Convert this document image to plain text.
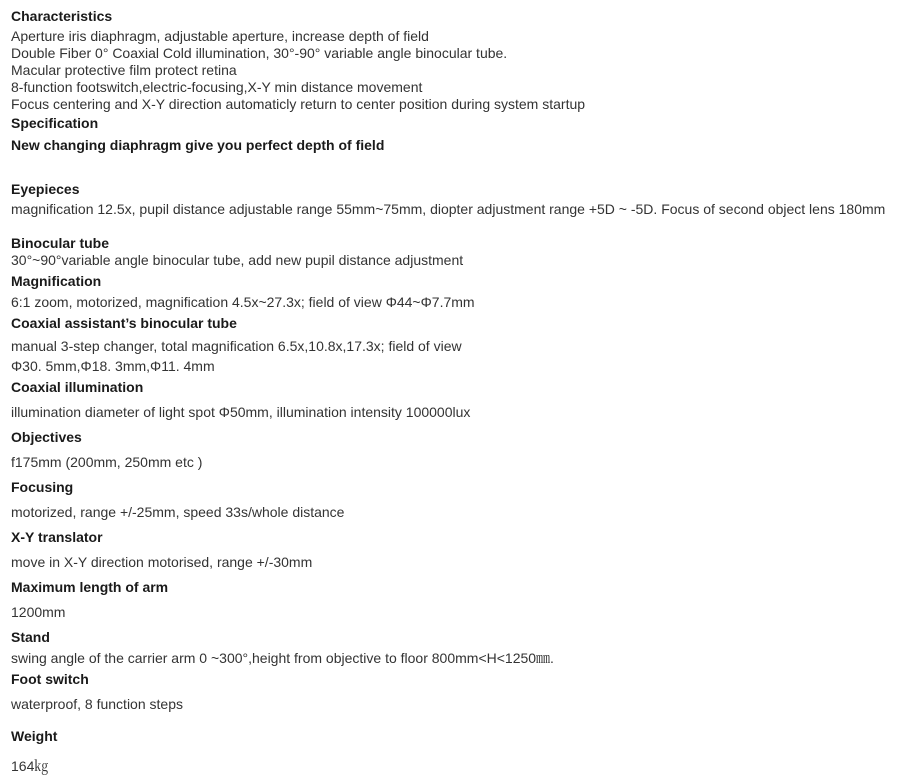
Characteristics
Aperture iris diaphragm, adjustable aperture, increase depth of field
Double Fiber 0° Coaxial Cold illumination, 30°-90° variable angle binocular tube.
Macular protective film protect retina
8-function footswitch,electric-focusing,X-Y min distance movement
Focus centering and X-Y direction automaticly return to center position during system startup
Specification
New changing diaphragm give you perfect depth of field
Eyepieces
magnification 12.5x, pupil distance adjustable range 55mm~75mm, diopter adjustment range +5D ~ -5D. Focus of second object lens 180mm
Binocular tube
30°~90°variable angle binocular tube, add new pupil distance adjustment
Magnification
6:1 zoom, motorized, magnification 4.5x~27.3x; field of view Φ44~Φ7.7mm
Coaxial assistant’s binocular tube
manual 3-step changer, total magnification 6.5x,10.8x,17.3x; field of view
Φ30. 5mm,Φ18. 3mm,Φ11. 4mm
Coaxial illumination
illumination diameter of light spot Φ50mm, illumination intensity 100000lux
Objectives
f175mm (200mm, 250mm etc )
Focusing
motorized, range +/-25mm, speed 33s/whole distance
X-Y translator
move in X-Y direction motorised, range +/-30mm
Maximum length of arm
1200mm
Stand
swing angle of the carrier arm 0 ~300°,height from objective to floor 800mm<H<1250㎜.
Foot switch
waterproof, 8 function steps
Weight
164㎏
